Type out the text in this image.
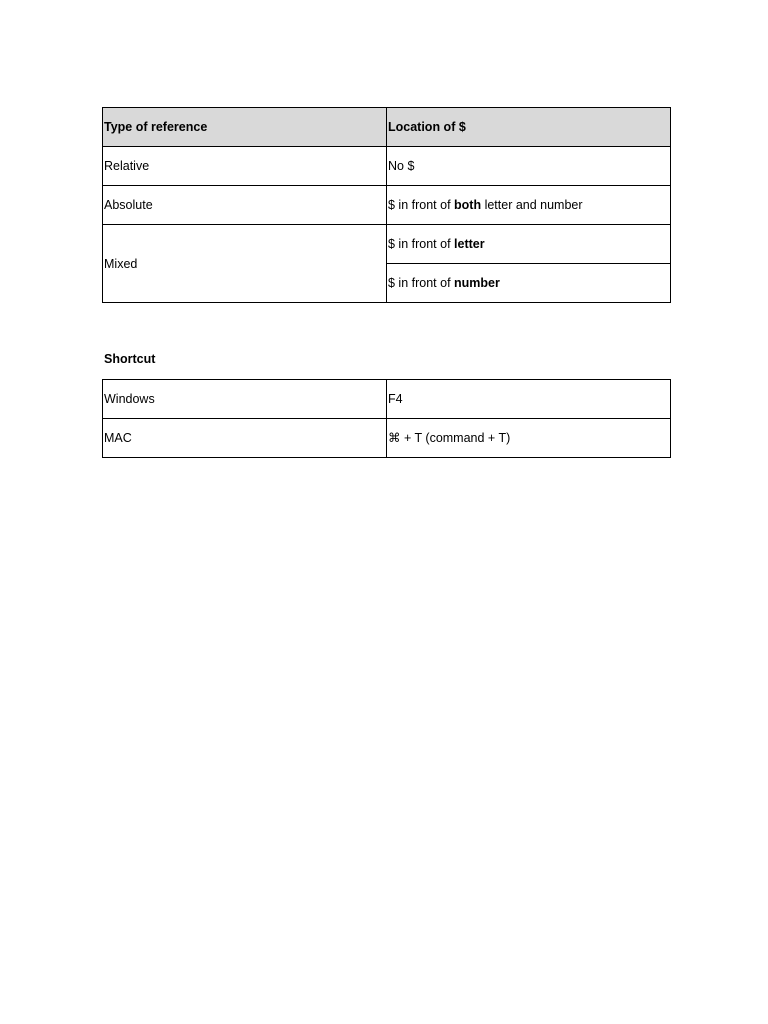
Type of reference	Location of $
Relative	No $
Absolute	$ in front of both letter and number
Mixed	$ in front of letter
	$ in front of number
Shortcut
Windows	F4
MAC	⌘ + T (command + T)
